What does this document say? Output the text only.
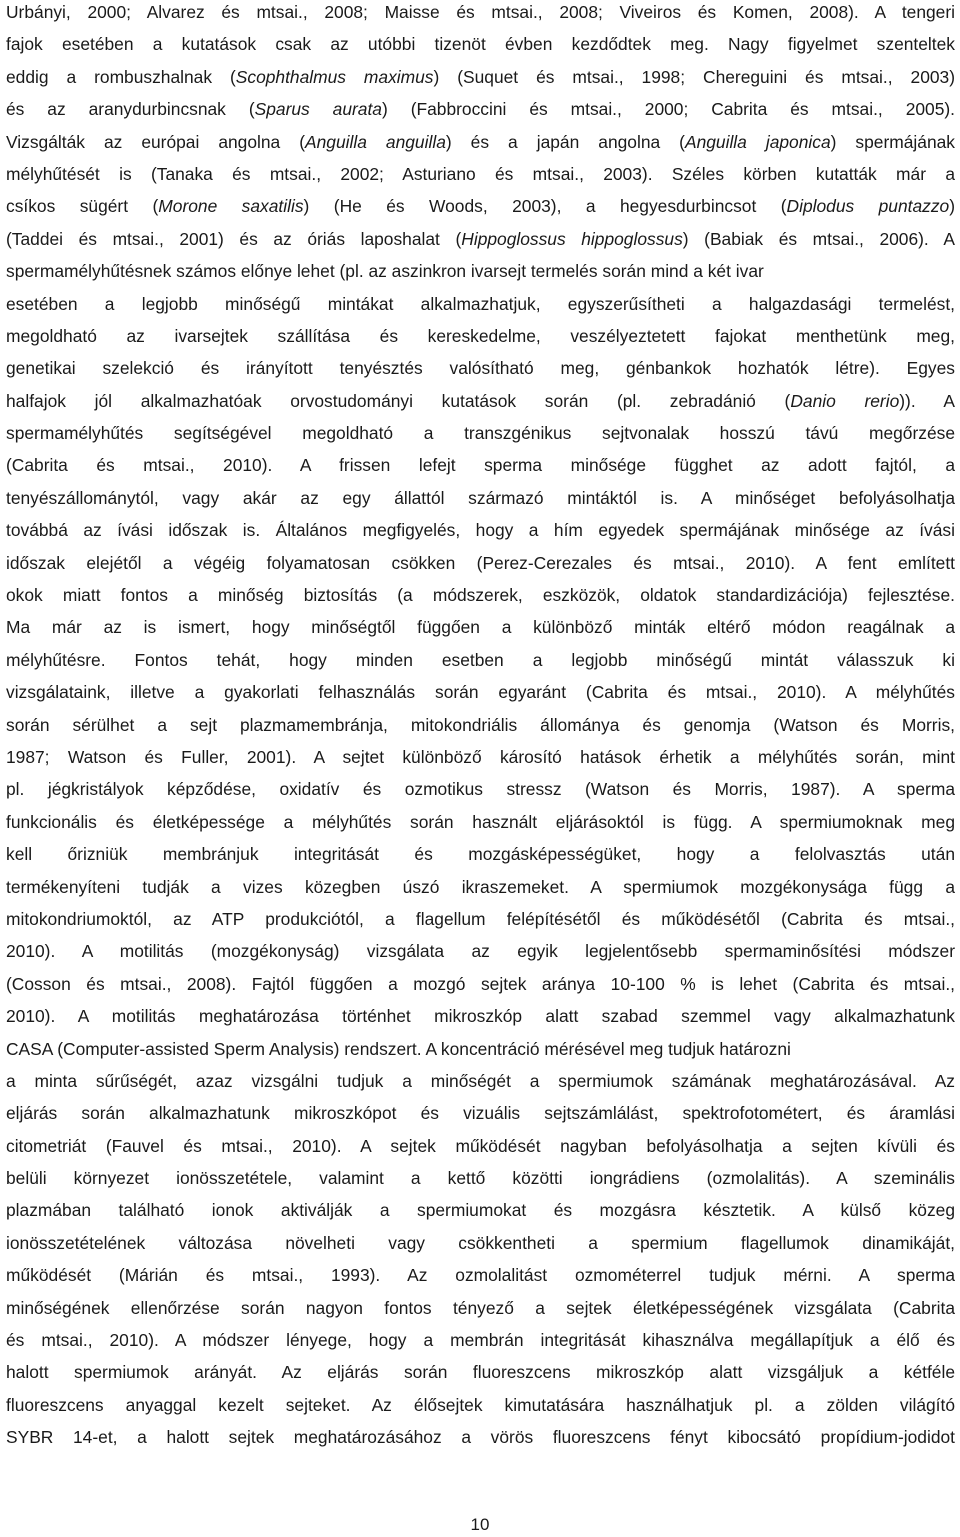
Urbányi, 2000; Alvarez és mtsai., 2008; Maisse és mtsai., 2008; Viveiros és Komen, 2008). A tengeri
fajok esetében a kutatások csak az utóbbi tizenöt évben kezdődtek meg. Nagy figyelmet szenteltek
eddig a rombuszhalnak (Scophthalmus maximus) (Suquet és mtsai., 1998; Chereguini és mtsai., 2003)
és az aranydurbincsnak (Sparus aurata) (Fabbroccini és mtsai., 2000; Cabrita és mtsai., 2005).
Vizsgálták az európai angolna (Anguilla anguilla) és a japán angolna (Anguilla japonica) spermájának
mélyhűtését is (Tanaka és mtsai., 2002; Asturiano és mtsai., 2003). Széles körben kutatták már a
csíkos sügért (Morone saxatilis) (He és Woods, 2003), a hegyesdurbincsot (Diplodus puntazzo)
(Taddei és mtsai., 2001) és az óriás laposhalat (Hippoglossus hippoglossus) (Babiak és mtsai., 2006). A
spermamélyhűtésnek számos előnye lehet (pl. az aszinkron ivarsejt termelés során mind a két ivar
esetében a legjobb minőségű mintákat alkalmazhatjuk, egyszerűsítheti a halgazdasági termelést,
megoldható az ivarsejtek szállítása és kereskedelme, veszélyeztetett fajokat menthetünk meg,
genetikai szelekció és irányított tenyésztés valósítható meg, génbankok hozhatók létre). Egyes
halfajok jól alkalmazhatóak orvostudományi kutatások során (pl. zebradánió (Danio rerio)). A
spermamélyhűtés segítségével megoldható a transzgénikus sejtvonalak hosszú távú megőrzése
(Cabrita és mtsai., 2010). A frissen lefejt sperma minősége függhet az adott fajtól, a
tenyészállománytól, vagy akár az egy állattól származó mintáktól is. A minőséget befolyásolhatja
továbbá az ívási időszak is. Általános megfigyelés, hogy a hím egyedek spermájának minősége az ívási
időszak elejétől a végéig folyamatosan csökken (Perez-Cerezales és mtsai., 2010). A fent említett
okok miatt fontos a minőség biztosítás (a módszerek, eszközök, oldatok standardizációja) fejlesztése.
Ma már az is ismert, hogy minőségtől függően a különböző minták eltérő módon reagálnak a
mélyhűtésre. Fontos tehát, hogy minden esetben a legjobb minőségű mintát válasszuk ki
vizsgálataink, illetve a gyakorlati felhasználás során egyaránt (Cabrita és mtsai., 2010). A mélyhűtés
során sérülhet a sejt plazmamembránja, mitokondriális állománya és genomja (Watson és Morris,
1987; Watson és Fuller, 2001). A sejtet különböző károsító hatások érhetik a mélyhűtés során, mint
pl. jégkristályok képződése, oxidatív és ozmotikus stressz (Watson és Morris, 1987). A sperma
funkcionális és életképessége a mélyhűtés során használt eljárásoktól is függ. A spermiumoknak meg
kell őrizniük membránjuk integritását és mozgásképességüket, hogy a felolvasztás után
termékenyíteni tudják a vizes közegben úszó ikraszemeket. A spermiumok mozgékonysága függ a
mitokondriumoktól, az ATP produkciótól, a flagellum felépítésétől és működésétől (Cabrita és mtsai.,
2010). A motilitás (mozgékonyság) vizsgálata az egyik legjelentősebb spermaminősítési módszer
(Cosson és mtsai., 2008). Fajtól függően a mozgó sejtek aránya 10-100 % is lehet (Cabrita és mtsai.,
2010). A motilitás meghatározása történhet mikroszkóp alatt szabad szemmel vagy alkalmazhatunk
CASA (Computer-assisted Sperm Analysis) rendszert. A koncentráció mérésével meg tudjuk határozni
a minta sűrűségét, azaz vizsgálni tudjuk a minőségét a spermiumok számának meghatározásával. Az
eljárás során alkalmazhatunk mikroszkópot és vizuális sejtszámlálást, spektrofotométert, és áramlási
citometriát (Fauvel és mtsai., 2010). A sejtek működését nagyban befolyásolhatja a sejten kívüli és
belüli környezet ionösszetétele, valamint a kettő közötti iongrádiens (ozmolalitás). A szeminális
plazmában található ionok aktiválják a spermiumokat és mozgásra késztetik. A külső közeg
ionösszetételének változása növelheti vagy csökkentheti a spermium flagellumok dinamikáját,
működését (Márián és mtsai., 1993). Az ozmolalitást ozmométerrel tudjuk mérni. A sperma
minőségének ellenőrzése során nagyon fontos tényező a sejtek életképességének vizsgálata (Cabrita
és mtsai., 2010). A módszer lényege, hogy a membrán integritását kihasználva megállapítjuk a élő és
halott spermiumok arányát. Az eljárás során fluoreszcens mikroszkóp alatt vizsgáljuk a kétféle
fluoreszcens anyaggal kezelt sejteket. Az élősejtek kimutatására használhatjuk pl. a zölden világító
SYBR 14-et, a halott sejtek meghatározásához a vörös fluoreszcens fényt kibocsátó propídium-jodidot
10
